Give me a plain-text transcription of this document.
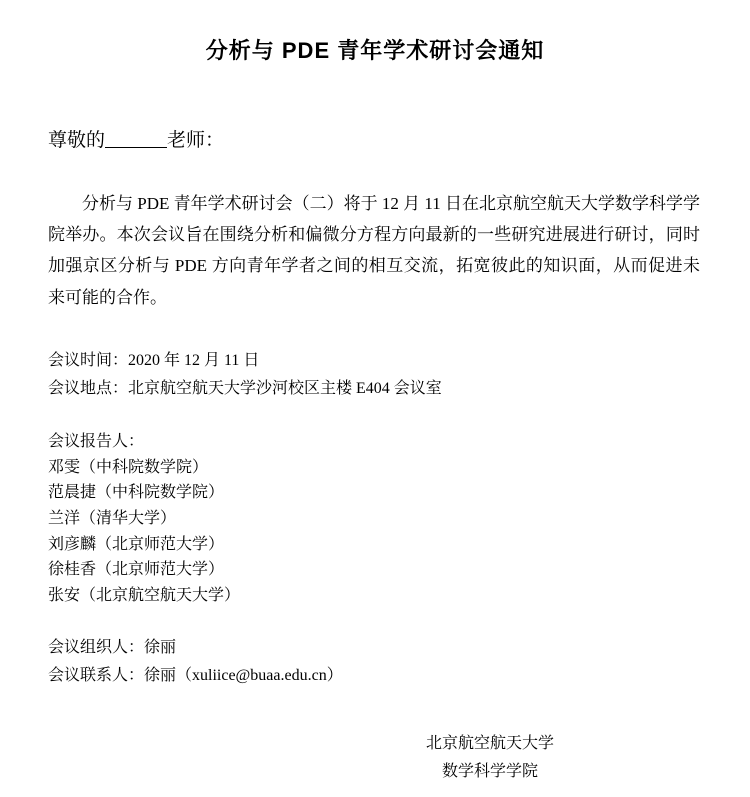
分析与 PDE 青年学术研讨会通知
尊敬的	老师：

分析与 PDE 青年学术研讨会（二）将于 12 月 11 日在北京航空航天大学数学科学学院举办。本次会议旨在围绕分析和偏微分方程方向最新的一些研究进展进行研讨，同时加强京区分析与 PDE 方向青年学者之间的相互交流，拓宽彼此的知识面，从而促进未来可能的合作。

会议时间：2020 年 12 月 11 日
会议地点：北京航空航天大学沙河校区主楼 E404 会议室
会议报告人：
邓雯（中科院数学院）
范晨捷（中科院数学院）
兰洋（清华大学）
刘彦麟（北京师范大学）
徐桂香（北京师范大学）
张安（北京航空航天大学）
会议组织人：徐丽
会议联系人：徐丽（xuliice@buaa.edu.cn）
北京航空航天大学
数学科学学院
